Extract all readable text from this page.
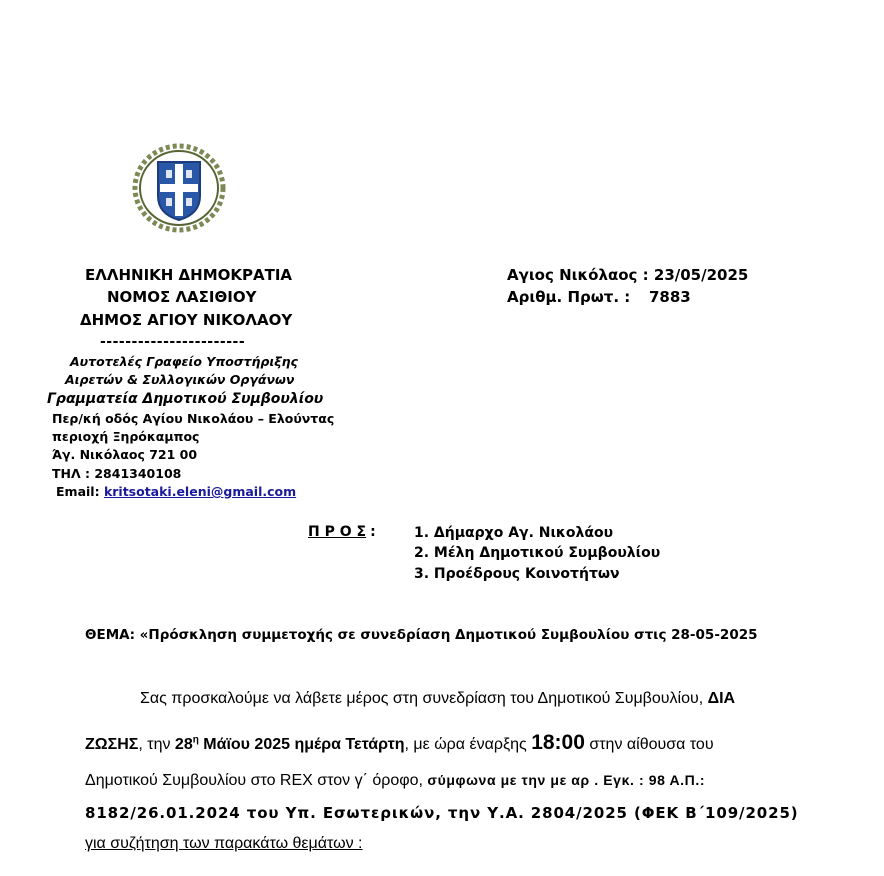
ΕΛΛΗΝΙΚΗ ΔΗΜΟΚΡΑΤΙΑ
ΝΟΜΟΣ ΛΑΣΙΘΙΟΥ
ΔΗΜΟΣ ΑΓΙΟΥ ΝΙΚΟΛΑΟΥ
-----------------------
Αυτοτελές Γραφείο Υποστήριξης
Αιρετών & Συλλογικών Οργάνων
Γραμματεία Δημοτικού Συμβουλίου
Περ/κή οδός Αγίου Νικολάου – Ελούντας
περιοχή Ξηρόκαμπος
Άγ. Νικόλαος 721 00
ΤΗΛ : 2841340108
Email: kritsotaki.eleni@gmail.com
Αγιος Νικόλαος : 23/05/2025
Αριθμ. Πρωτ. : 7883
Π Ρ Ο Σ :	1. Δήμαρχο Αγ. Νικολάου
2. Μέλη Δημοτικού Συμβουλίου
3. Προέδρους Κοινοτήτων
ΘΕΜΑ: «Πρόσκληση συμμετοχής σε συνεδρίαση Δημοτικού Συμβουλίου στις 28-05-2025
Σας προσκαλούμε να λάβετε μέρος στη συνεδρίαση του Δημοτικού Συμβουλίου, ΔΙΑ
ΖΩΣΗΣ, την $28^\eta$ Μάϊου 2025 ημέρα Τετάρτη, με ώρα έναρξης 18:00 στην αίθουσα του
Δημοτικού Συμβουλίου στο REX στον γ΄ όροφο, σύμφωνα με την με αρ . Εγκ. : 98 Α.Π.:
8182/26.01.2024 του Υπ. Εσωτερικών, την Υ.Α. 2804/2025 (ΦΕΚ Β΄109/2025)
για συζήτηση των παρακάτω θεμάτων :
